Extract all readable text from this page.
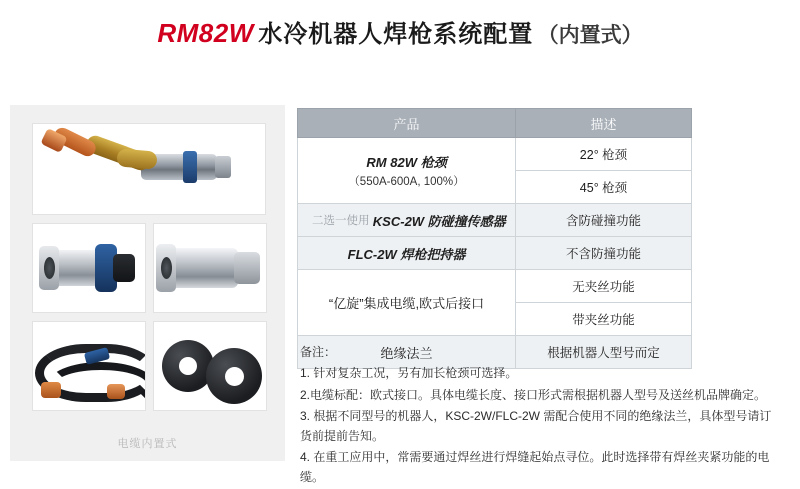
RM82W 水冷机器人焊枪系统配置 （内置式）
电缆内置式
产品	描述
RM 82W 枪颈
（550A-600A, 100%）	22° 枪颈
	45° 枪颈

二选一使用 KSC-2W 防碰撞传感器	含防碰撞功能
FLC-2W 焊枪把持器	不含防撞功能
“亿旋”集成电缆,欧式后接口	无夹丝功能
	带夹丝功能
绝缘法兰	根据机器人型号而定
备注：
1. 针对复杂工况，另有加长枪颈可选择。
2.电缆标配：欧式接口。具体电缆长度、接口形式需根据机器人型号及送丝机品牌确定。
3. 根据不同型号的机器人，KSC-2W/FLC-2W 需配合使用不同的绝缘法兰，具体型号请订货前提前告知。
4. 在重工应用中，常需要通过焊丝进行焊缝起始点寻位。此时选择带有焊丝夹紧功能的电缆。
